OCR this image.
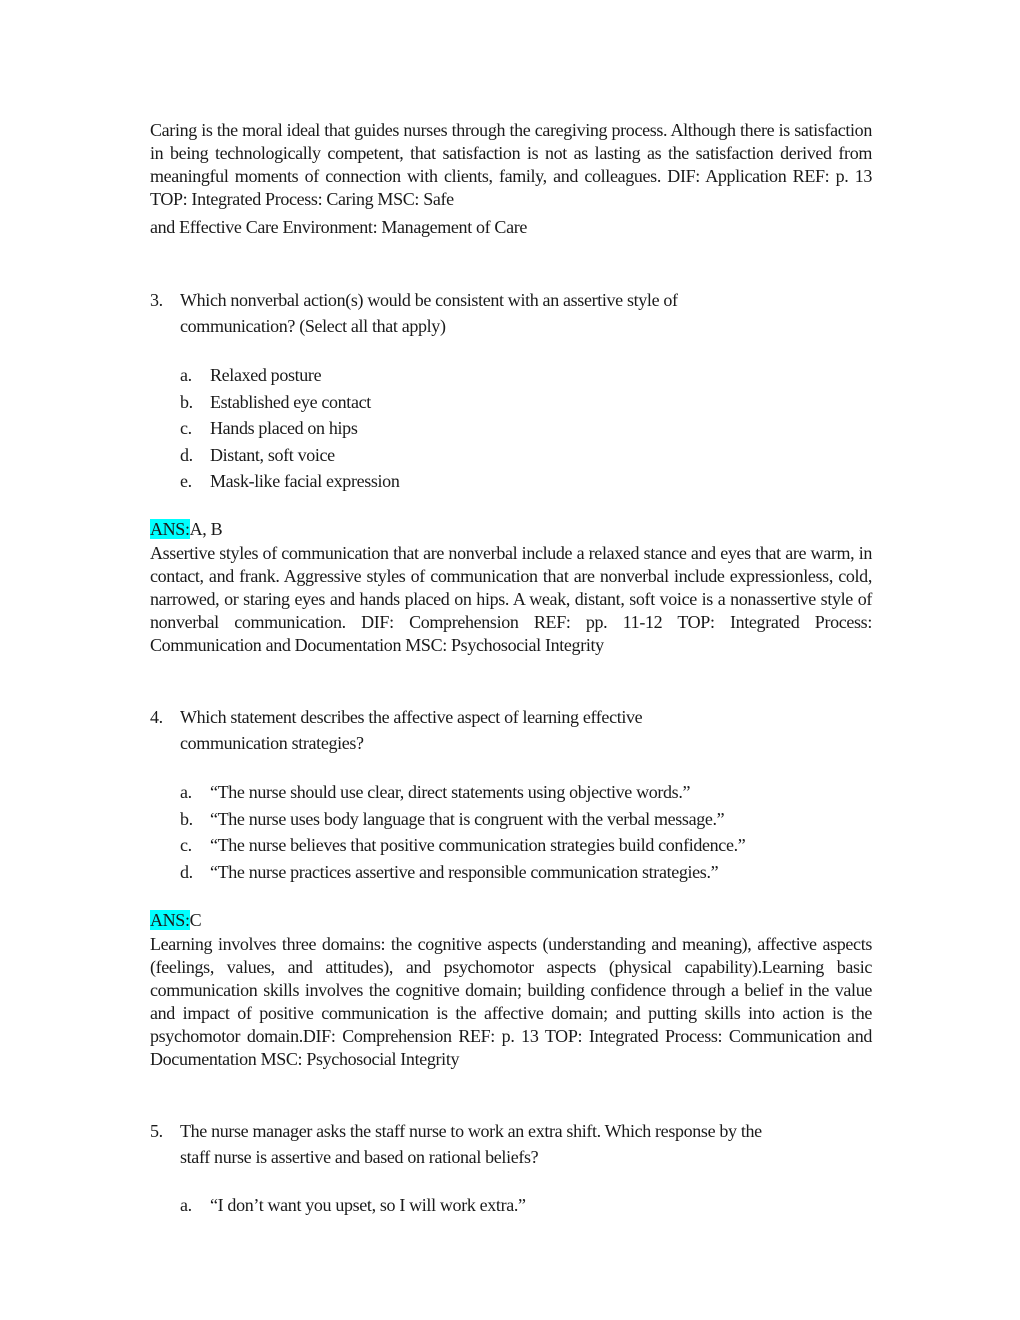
Caring is the moral ideal that guides nurses through the caregiving process. Although there is satisfaction in being technologically competent, that satisfaction is not as lasting as the satisfaction derived from meaningful moments of connection with clients, family, and colleagues. DIF: Application REF: p. 13 TOP: Integrated Process: Caring MSC: Safe
and Effective Care Environment: Management of Care
3. Which nonverbal action(s) would be consistent with an assertive style of
communication? (Select all that apply)
a.	Relaxed posture
b. Established eye contact
c.	Hands placed on hips
d. Distant, soft voice
e.	Mask-like facial expression
ANS:A, B
Assertive styles of communication that are nonverbal include a relaxed stance and eyes that are warm, in contact, and frank. Aggressive styles of communication that are nonverbal include expressionless, cold, narrowed, or staring eyes and hands placed on hips. A weak, distant, soft voice is a nonassertive style of nonverbal communication. DIF: Comprehension REF: pp. 11-12 TOP: Integrated Process: Communication and Documentation MSC: Psychosocial Integrity
4. Which statement describes the affective aspect of learning effective
communication strategies?
a.	“The nurse should use clear, direct statements using objective words.”
b. “The nurse uses body language that is congruent with the verbal message.”
c.	“The nurse believes that positive communication strategies build confidence.”
d. “The nurse practices assertive and responsible communication strategies.”
ANS:C
Learning involves three domains: the cognitive aspects (understanding and meaning), affective aspects (feelings, values, and attitudes), and psychomotor aspects (physical capability).Learning basic communication skills involves the cognitive domain; building confidence through a belief in the value and impact of positive communication is the affective domain; and putting skills into action is the psychomotor domain.DIF: Comprehension REF: p. 13 TOP: Integrated Process: Communication and Documentation MSC: Psychosocial Integrity
5. The nurse manager asks the staff nurse to work an extra shift. Which response by the
staff nurse is assertive and based on rational beliefs?
a.	“I don’t want you upset, so I will work extra.”
